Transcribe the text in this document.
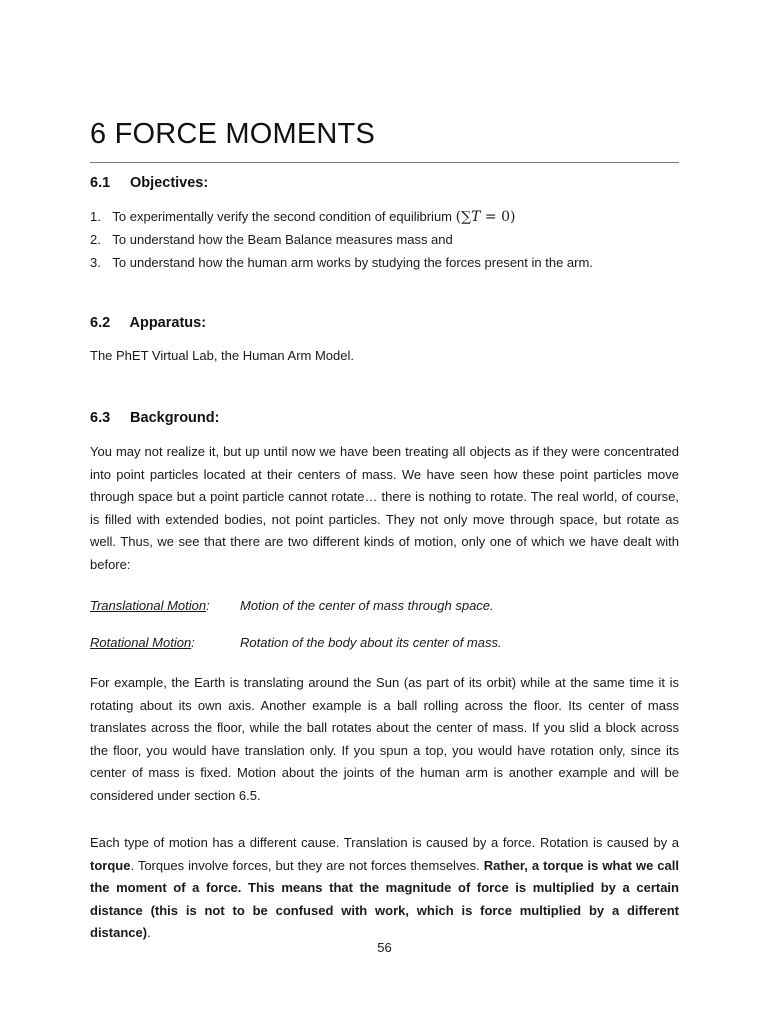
6 FORCE MOMENTS
6.1 Objectives:
1. To experimentally verify the second condition of equilibrium (∑T = 0)
2. To understand how the Beam Balance measures mass and
3. To understand how the human arm works by studying the forces present in the arm.
6.2 Apparatus:
The PhET Virtual Lab, the Human Arm Model.
6.3 Background:

You may not realize it, but up until now we have been treating all objects as if they were concentrated into point particles located at their centers of mass. We have seen how these point particles move through space but a point particle cannot rotate… there is nothing to rotate. The real world, of course, is filled with extended bodies, not point particles. They not only move through space, but rotate as well. Thus, we see that there are two different kinds of motion, only one of which we have dealt with before:

Translational Motion: Motion of the center of mass through space.
Rotational Motion:	Rotation of the body about its center of mass.

For example, the Earth is translating around the Sun (as part of its orbit) while at the same time it is rotating about its own axis. Another example is a ball rolling across the floor. Its center of mass translates across the floor, while the ball rotates about the center of mass. If you slid a block across the floor, you would have translation only. If you spun a top, you would have rotation only, since its center of mass is fixed. Motion about the joints of the human arm is another example and will be considered under section 6.5.

Each type of motion has a different cause. Translation is caused by a force. Rotation is caused by a torque. Torques involve forces, but they are not forces themselves. Rather, a torque is what we call the moment of a force. This means that the magnitude of force is multiplied by a certain distance (this is not to be confused with work, which is force multiplied by a different distance).

56
